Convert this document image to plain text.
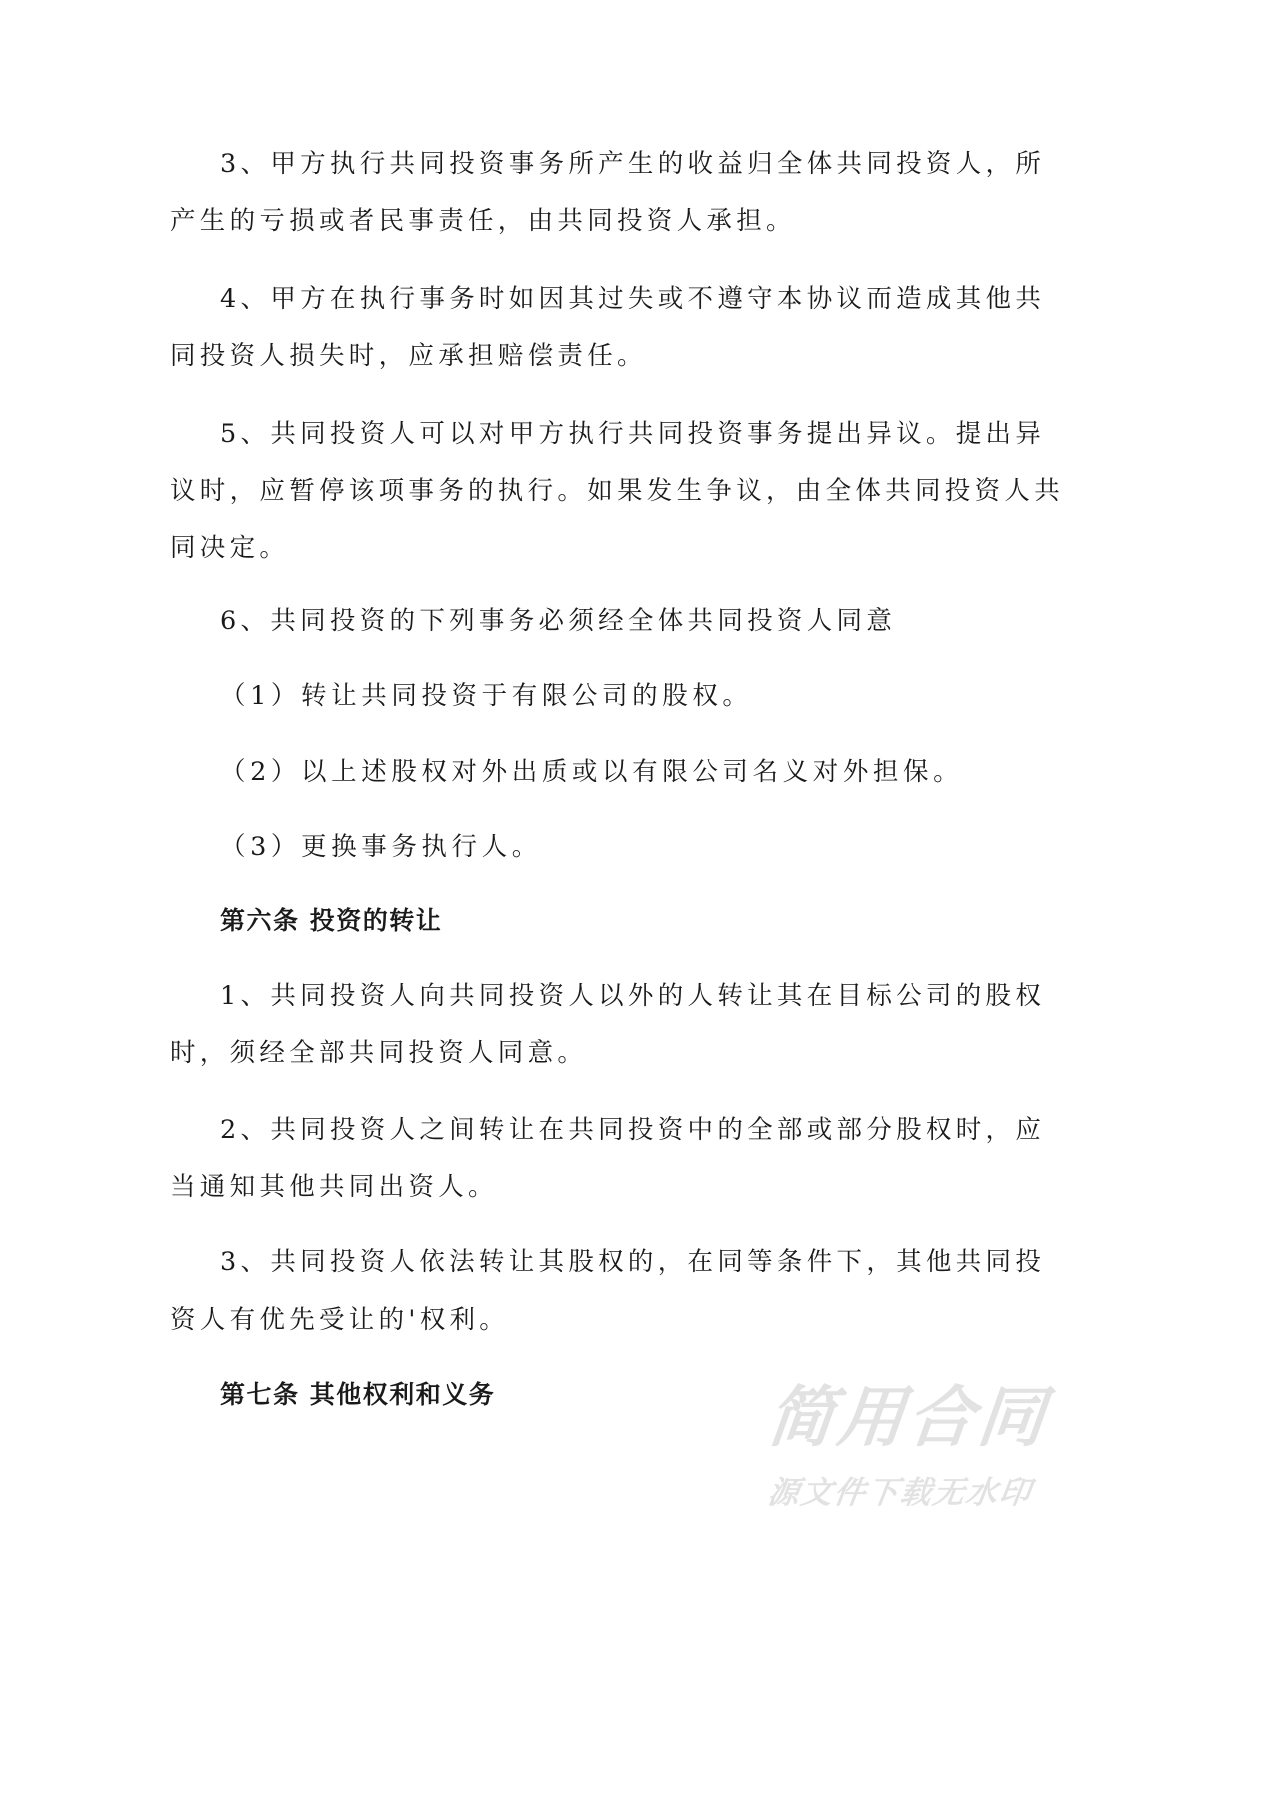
3、甲方执行共同投资事务所产生的收益归全体共同投资人，所
产生的亏损或者民事责任，由共同投资人承担。
4、甲方在执行事务时如因其过失或不遵守本协议而造成其他共
同投资人损失时，应承担赔偿责任。
5、共同投资人可以对甲方执行共同投资事务提出异议。提出异
议时，应暂停该项事务的执行。如果发生争议，由全体共同投资人共
同决定。
6、共同投资的下列事务必须经全体共同投资人同意
（1）转让共同投资于有限公司的股权。
（2）以上述股权对外出质或以有限公司名义对外担保。
（3）更换事务执行人。
第六条 投资的转让
1、共同投资人向共同投资人以外的人转让其在目标公司的股权
时，须经全部共同投资人同意。
2、共同投资人之间转让在共同投资中的全部或部分股权时，应
当通知其他共同出资人。
3、共同投资人依法转让其股权的，在同等条件下，其他共同投
资人有优先受让的'权利。
第七条 其他权利和义务	简用合同
源文件下载无水印
